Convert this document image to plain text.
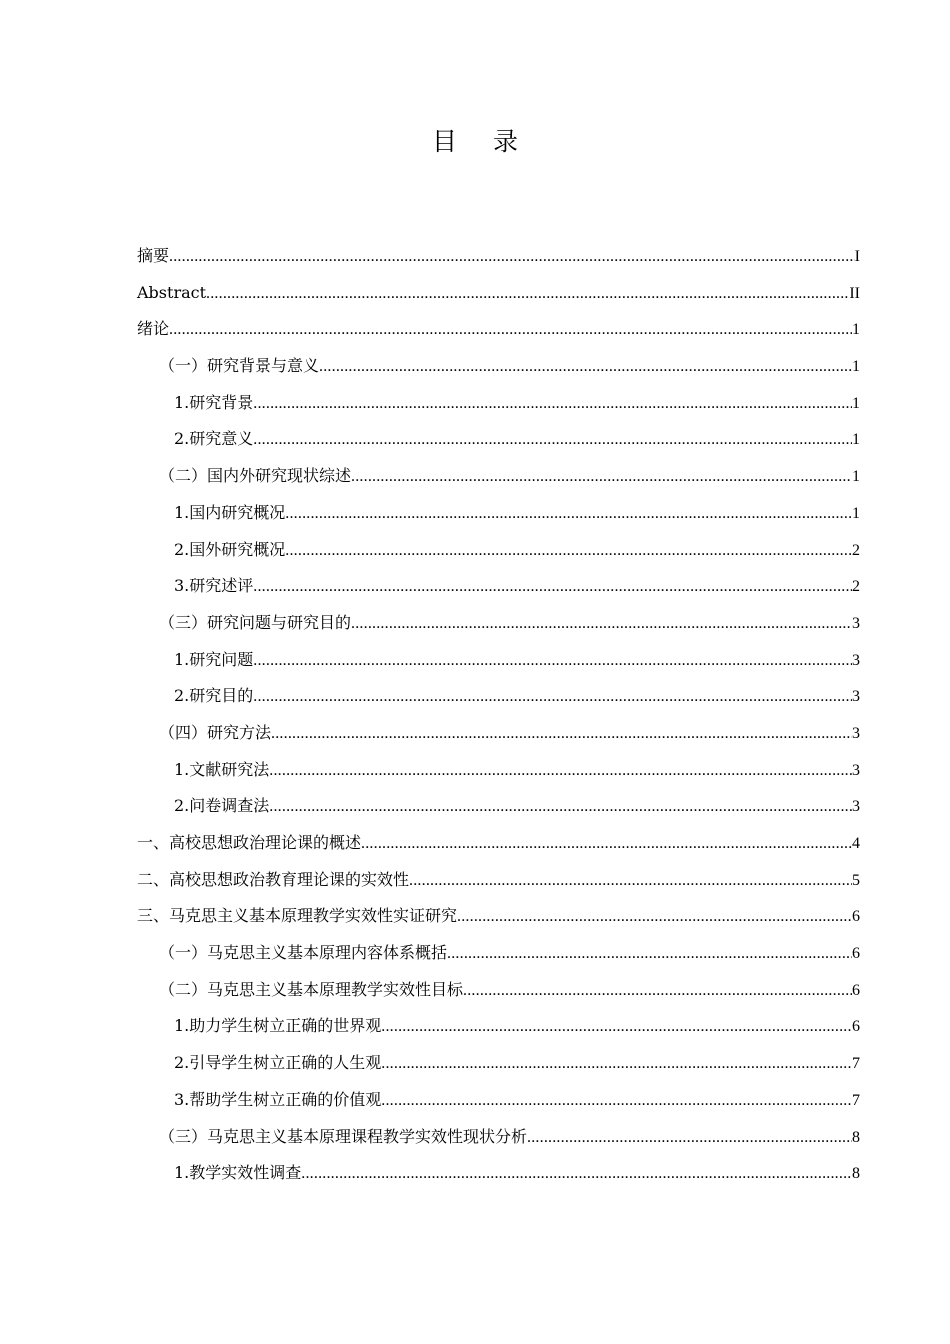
目 录
摘要 .....	I
Abstract .....	II
绪论 .....	1
（一）研究背景与意义 .....	1
1.研究背景 .....	1
2.研究意义 .....	1
（二）国内外研究现状综述 .....	1
1.国内研究概况 .....	1
2.国外研究概况 .....	2
3.研究述评 .....	2
（三）研究问题与研究目的 .....	3
1.研究问题 .....	3
2.研究目的 .....	3
（四）研究方法 .....	3
1.文献研究法 .....	3
2.问卷调查法 .....	3
一、高校思想政治理论课的概述 .....	4
二、高校思想政治教育理论课的实效性 .....	5
三、马克思主义基本原理教学实效性实证研究 .....	6
（一）马克思主义基本原理内容体系概括 .....	6
（二）马克思主义基本原理教学实效性目标 .....	6
1.助力学生树立正确的世界观 .....	6
2.引导学生树立正确的人生观 .....	7
3.帮助学生树立正确的价值观 .....	7
（三）马克思主义基本原理课程教学实效性现状分析 .....	8
1.教学实效性调查 .....	8
